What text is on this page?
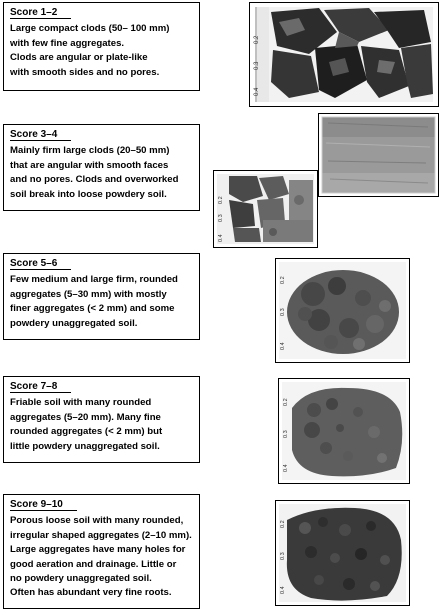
Score 1–2
Large compact clods (50– 100 mm)
with few fine aggregates.
Clods are angular or plate-like
with smooth sides and no pores.
0.2
0.3
0.4
Score 3–4
Mainly firm large clods (20–50 mm)
that are angular with smooth faces
and no pores. Clods and overworked
soil break into loose powdery soil.
0.2
0.3
0.4
Score 5–6
Few medium and large firm, rounded
aggregates (5–30 mm) with mostly
finer aggregates (< 2 mm) and some
powdery unaggregated soil.
0.2
0.3
0.4
Score 7–8
Friable soil with many rounded
aggregates (5–20 mm). Many fine
rounded aggregates (< 2 mm) but
little powdery unaggregated soil.
0.2
0.3
0.4
Score 9–10
Porous loose soil with many rounded,
irregular shaped aggregates (2–10 mm).
Large aggregates have many holes for
good aeration and drainage. Little or
no powdery unaggregated soil.
Often has abundant very fine roots.
0.2
0.3
0.4
